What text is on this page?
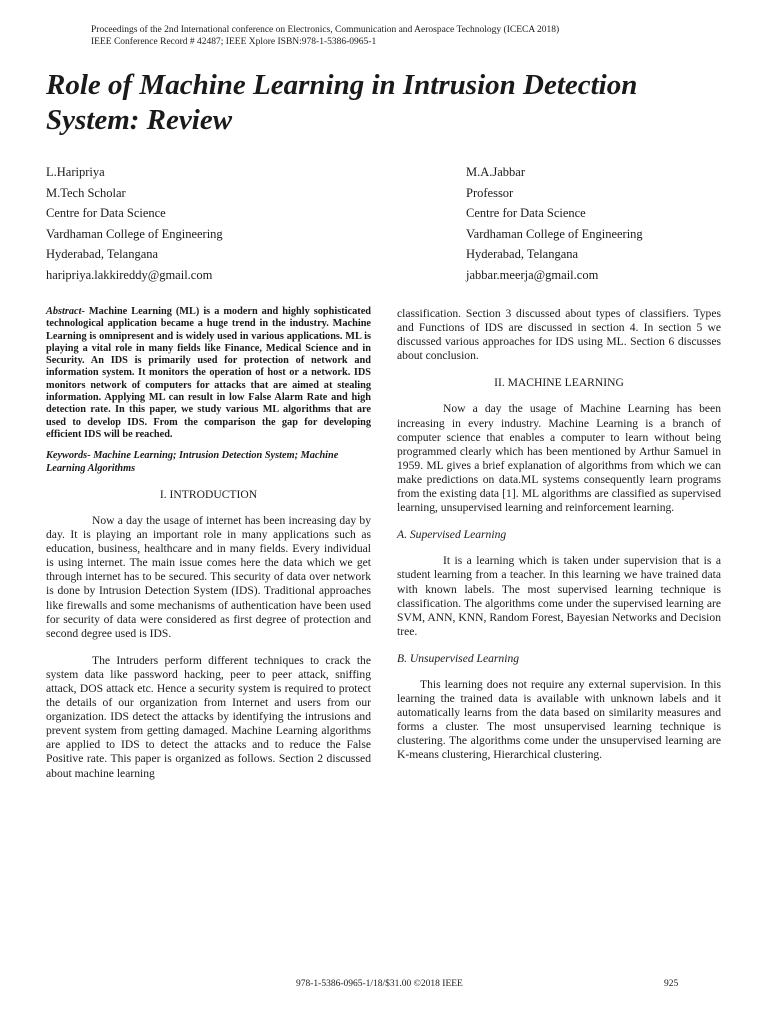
Proceedings of the 2nd International conference on Electronics, Communication and Aerospace Technology (ICECA 2018)
IEEE Conference Record # 42487; IEEE Xplore ISBN:978-1-5386-0965-1
Role of Machine Learning in Intrusion Detection System: Review
L.Haripriya
M.Tech Scholar
Centre for Data Science
Vardhaman College of Engineering
Hyderabad, Telangana
haripriya.lakkireddy@gmail.com
M.A.Jabbar
Professor
Centre for Data Science
Vardhaman College of Engineering
Hyderabad, Telangana
jabbar.meerja@gmail.com

Abstract- Machine Learning (ML) is a modern and highly sophisticated technological application became a huge trend in the industry. Machine Learning is omnipresent and is widely used in various applications. ML is playing a vital role in many fields like Finance, Medical Science and in Security. An IDS is primarily used for protection of network and information system. It monitors the operation of host or a network. IDS monitors network of computers for attacks that are aimed at stealing information. Applying ML can result in low False Alarm Rate and high detection rate. In this paper, we study various ML algorithms that are used to develop IDS. From the comparison the gap for developing efficient IDS will be reached.

Keywords- Machine Learning; Intrusion Detection System; Machine Learning Algorithms

I. INTRODUCTION

Now a day the usage of internet has been increasing day by day. It is playing an important role in many applications such as education, business, healthcare and in many fields. Every individual is using internet. The main issue comes here the data which we get through internet has to be secured. This security of data over network is done by Intrusion Detection System (IDS). Traditional approaches like firewalls and some mechanisms of authentication have been used for security of data were considered as first degree of protection and second degree used is IDS.

The Intruders perform different techniques to crack the system data like password hacking, peer to peer attack, sniffing attack, DOS attack etc. Hence a security system is required to protect the details of our organization from Internet and users from our organization. IDS detect the attacks by identifying the intrusions and prevent system from getting damaged. Machine Learning algorithms are applied to IDS to detect the attacks and to reduce the False Positive rate. This paper is organized as follows. Section 2 discussed about machine learning

classification. Section 3 discussed about types of classifiers. Types and Functions of IDS are discussed in section 4. In section 5 we discussed various approaches for IDS using ML. Section 6 discusses about conclusion.

II. MACHINE LEARNING

Now a day the usage of Machine Learning has been increasing in every industry. Machine Learning is a branch of computer science that enables a computer to learn without being programmed clearly which has been mentioned by Arthur Samuel in 1959. ML gives a brief explanation of algorithms from which we can make predictions on data.ML systems consequently learn programs from the existing data [1]. ML algorithms are classified as supervised learning, unsupervised learning and reinforcement learning.

A. Supervised Learning

It is a learning which is taken under supervision that is a student learning from a teacher. In this learning we have trained data with known labels. The most supervised learning technique is classification. The algorithms come under the supervised learning are SVM, ANN, KNN, Random Forest, Bayesian Networks and Decision tree.

B. Unsupervised Learning

This learning does not require any external supervision. In this learning the trained data is available with unknown labels and it automatically learns from the data based on similarity measures and forms a cluster. The most unsupervised learning technique is clustering. The algorithms come under the unsupervised learning are K-means clustering, Hierarchical clustering.

978-1-5386-0965-1/18/$31.00 ©2018 IEEE	925
